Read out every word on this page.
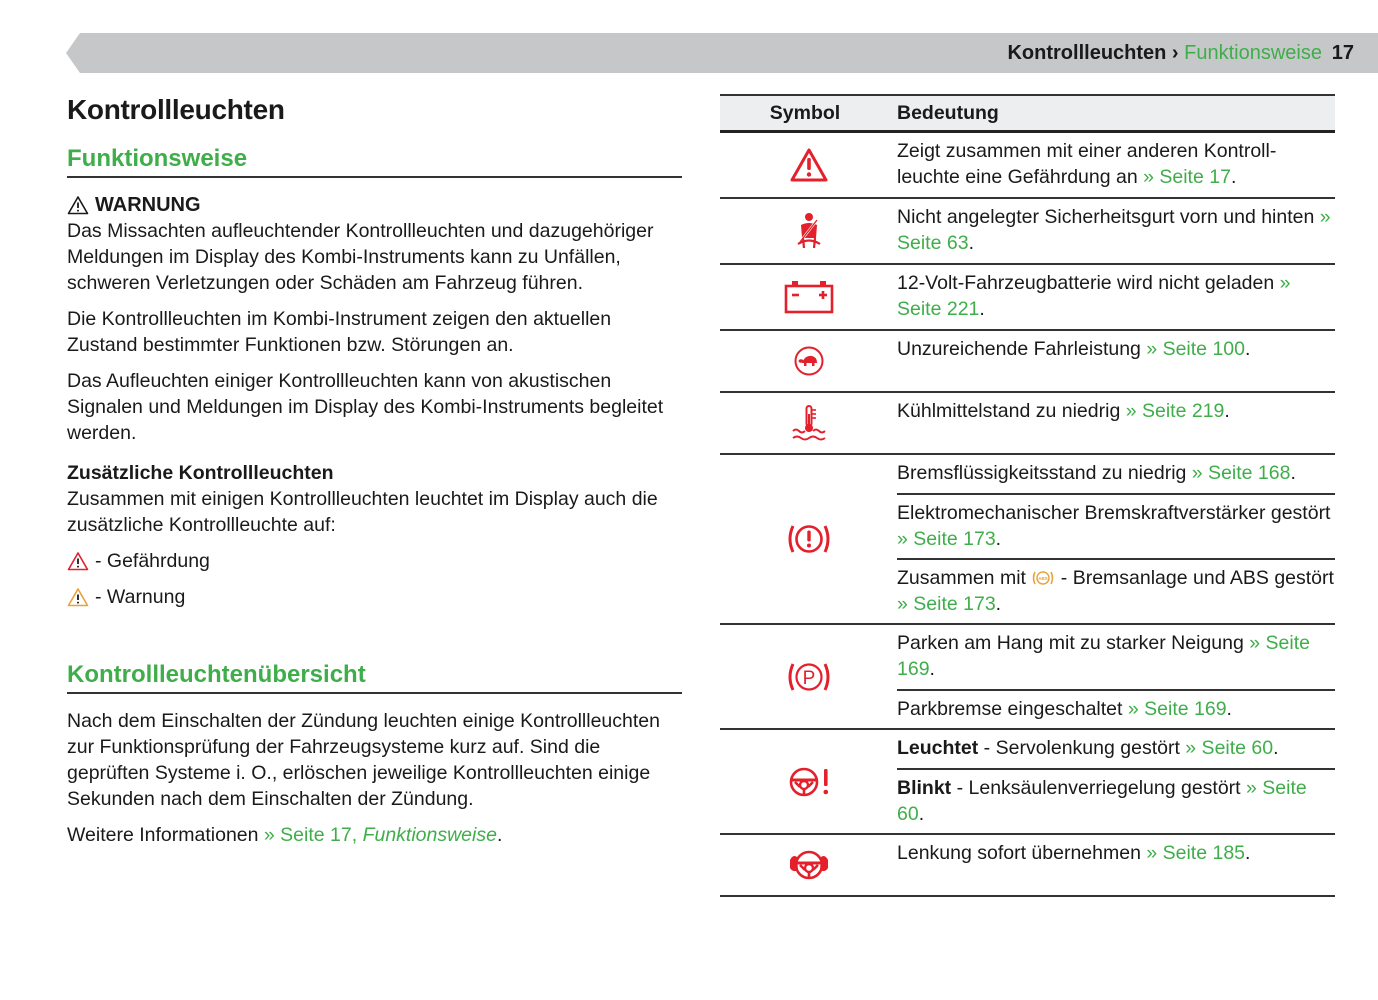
Kontrollleuchten › Funktionsweise 17
Kontrollleuchten
Funktionsweise
WARNUNG

Das Missachten aufleuchtender Kontrollleuchten und dazugehöriger Meldungen im Display des Kombi-Instruments kann zu Unfällen, schweren Verletzungen oder Schäden am Fahrzeug führen.

Die Kontrollleuchten im Kombi-Instrument zeigen den aktuellen Zustand bestimmter Funktionen bzw. Störungen an.

Das Aufleuchten einiger Kontrollleuchten kann von akustischen Signalen und Meldungen im Display des Kombi-Instruments begleitet werden.

Zusätzliche Kontrollleuchten

Zusammen mit einigen Kontrollleuchten leuchtet im Display auch die zusätzliche Kontrollleuchte auf:

- Gefährdung
- Warnung
Kontrollleuchtenübersicht

Nach dem Einschalten der Zündung leuchten einige Kontrollleuchten zur Funktionsprüfung der Fahrzeugsysteme kurz auf. Sind die geprüften Systeme i. O., erlöschen jeweilige Kontrollleuchten einige Sekunden nach dem Einschalten der Zündung.

Weitere Informationen » Seite 17, Funktionsweise.

Symbol	Bedeutung
Zeigt zusammen mit einer anderen Kontroll-leuchte eine Gefährdung an » Seite 17.
Nicht angelegter Sicherheitsgurt vorn und hinten » Seite 63.
12-Volt-Fahrzeugbatterie wird nicht geladen » Seite 221.
Unzureichende Fahrleistung » Seite 100.
Kühlmittelstand zu niedrig » Seite 219.
Bremsflüssigkeitsstand zu niedrig » Seite 168.
Elektromechanischer Bremskraftverstärker gestört » Seite 173.
Zusammen mit ABS - Bremsanlage und ABS gestört » Seite 173.
P
Parken am Hang mit zu starker Neigung » Seite 169.
Parkbremse eingeschaltet » Seite 169.
Leuchtet - Servolenkung gestört » Seite 60.
Blinkt - Lenksäulenverriegelung gestört » Seite 60.
Lenkung sofort übernehmen » Seite 185.
